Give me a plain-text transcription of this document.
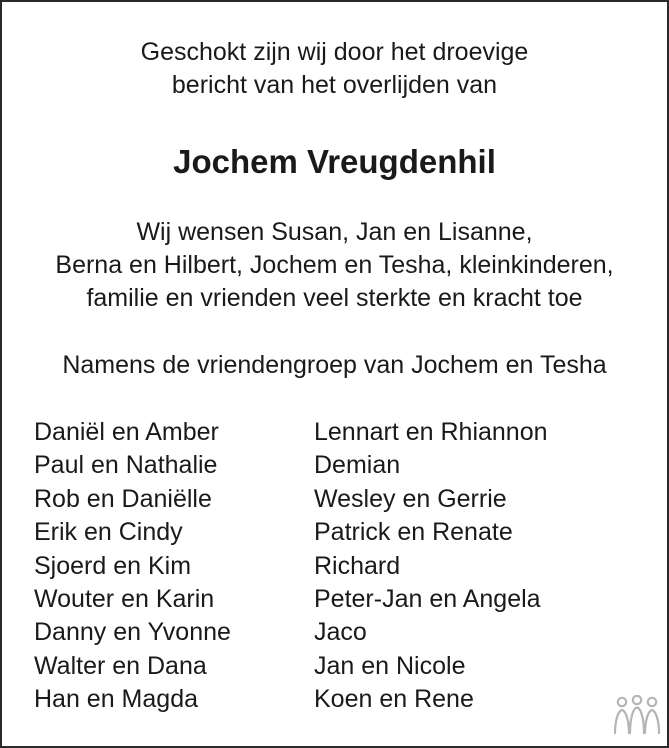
Geschokt zijn wij door het droevige
bericht van het overlijden van
Jochem Vreugdenhil
Wij wensen Susan, Jan en Lisanne,
Berna en Hilbert, Jochem en Tesha, kleinkinderen,
familie en vrienden veel sterkte en kracht toe
Namens de vriendengroep van Jochem en Tesha
Daniël en Amber
Paul en Nathalie
Rob en Daniëlle
Erik en Cindy
Sjoerd en Kim
Wouter en Karin
Danny en Yvonne
Walter en Dana
Han en Magda
Lennart en Rhiannon
Demian
Wesley en Gerrie
Patrick en Renate
Richard
Peter-Jan en Angela
Jaco
Jan en Nicole
Koen en Rene
